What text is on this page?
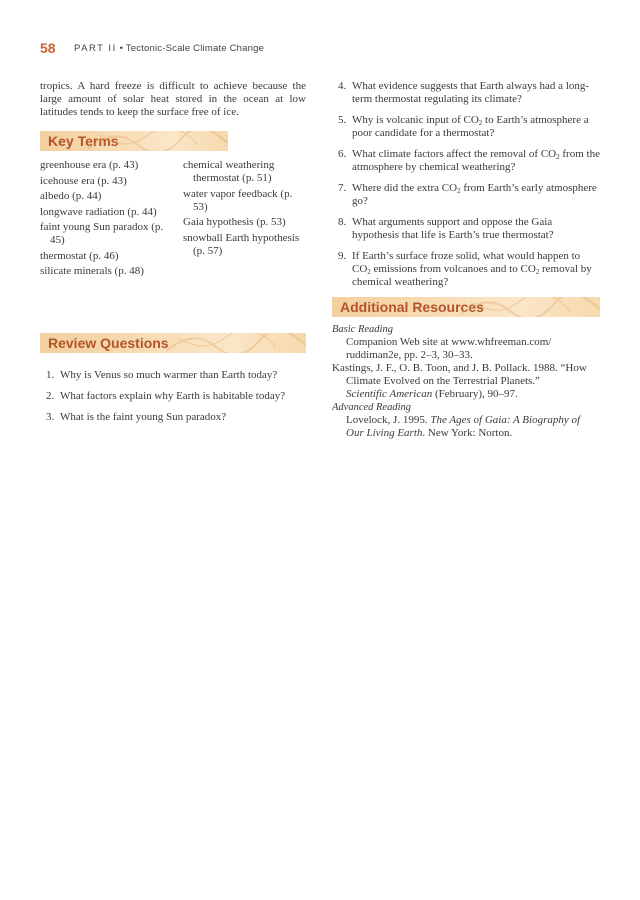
58 PART II • Tectonic-Scale Climate Change

tropics. A hard freeze is difficult to achieve because the large amount of solar heat stored in the ocean at low latitudes tends to keep the surface free of ice.

Key Terms
greenhouse era (p. 43)
icehouse era (p. 43)
albedo (p. 44)
longwave radiation (p. 44)
faint young Sun paradox (p. 45)
thermostat (p. 46)
silicate minerals (p. 48)
chemical weathering thermostat (p. 51)
water vapor feedback (p. 53)
Gaia hypothesis (p. 53)
snowball Earth hypothesis (p. 57)
Review Questions
1. Why is Venus so much warmer than Earth today?
2. What factors explain why Earth is habitable today?
3. What is the faint young Sun paradox?
4. What evidence suggests that Earth always had a long-term thermostat regulating its climate?
5. Why is volcanic input of $CO_2$ to Earth’s atmosphere a poor candidate for a thermostat?
6. What climate factors affect the removal of $CO_2$ from the atmosphere by chemical weathering?
7. Where did the extra $CO_2$ from Earth’s early atmosphere go?
8. What arguments support and oppose the Gaia hypothesis that life is Earth’s true thermostat?
9. If Earth’s surface froze solid, what would happen to $CO_2$ emissions from volcanoes and to $CO_2$ removal by chemical weathering?
Additional Resources
Basic Reading
Companion Web site at www.whfreeman.com/ ruddiman2e, pp. 2–3, 30–33.
Kastings, J. F., O. B. Toon, and J. B. Pollack. 1988. “How Climate Evolved on the Terrestrial Planets.”
Scientific American (February), 90–97.
Advanced Reading
Lovelock, J. 1995. The Ages of Gaia: A Biography of Our Living Earth. New York: Norton.
